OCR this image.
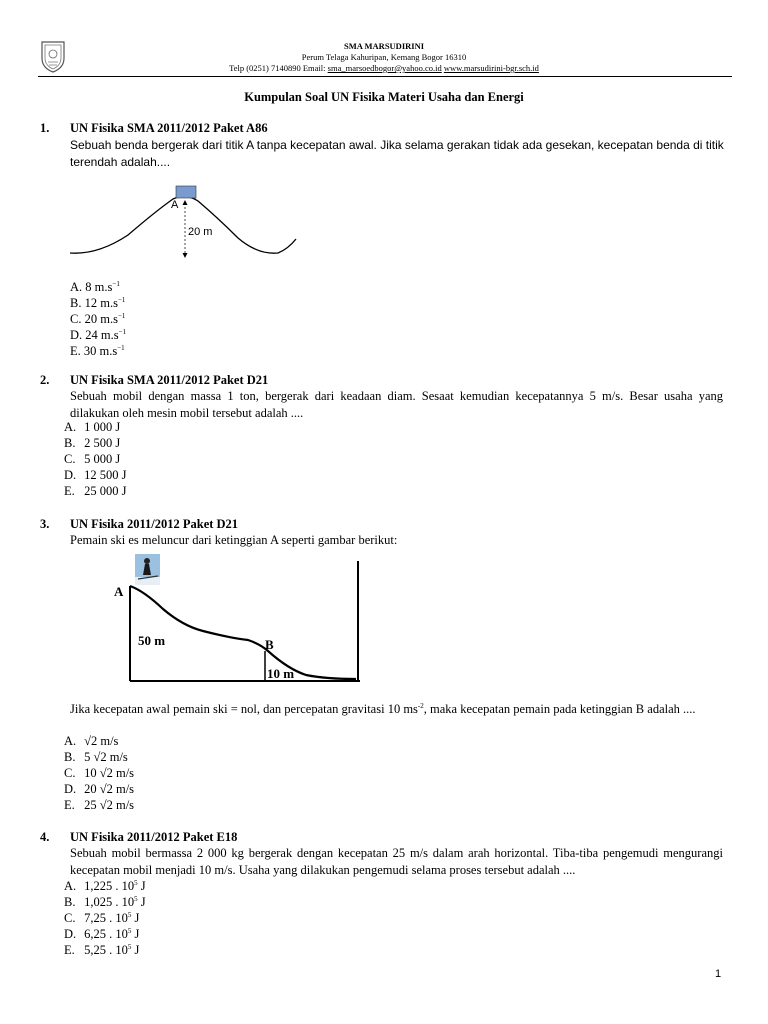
SMA MARSUDIRINI
Perum Telaga Kahuripan, Kemang Bogor 16310
Telp (0251) 7140890 Email: sma_marsoedbogor@yahoo.co.id www.marsudirini-bgr.sch.id
Kumpulan Soal UN Fisika Materi Usaha dan Energi
1. UN Fisika SMA 2011/2012 Paket A86
Sebuah benda bergerak dari titik A tanpa kecepatan awal. Jika selama gerakan tidak ada gesekan, kecepatan benda di titik terendah adalah....
A
20 m
A. 8 $m.s^{-1}$
B. 12 $m.s^{-1}$
C. 20 $m.s^{-1}$
D. 24 $m.s^{-1}$
E. 30 $m.s^{-1}$
2. UN Fisika SMA 2011/2012 Paket D21
Sebuah mobil dengan massa 1 ton, bergerak dari keadaan diam. Sesaat kemudian kecepatannya 5 m/s. Besar usaha yang dilakukan oleh mesin mobil tersebut adalah ....
A. 1 000 J
B. 2 500 J
C. 5 000 J
D. 12 500 J
E. 25 000 J
3. UN Fisika 2011/2012 Paket D21
Pemain ski es meluncur dari ketinggian A seperti gambar berikut:
A
50 m	B
10 m
Jika kecepatan awal pemain ski = nol, dan percepatan gravitasi 10 $ms^{-2}$, maka kecepatan pemain pada ketinggian B adalah ....
A. √2 m/s
B. 5 √2 m/s
C. 10 √2 m/s
D. 20 √2 m/s
E. 25 √2 m/s
4. UN Fisika 2011/2012 Paket E18
Sebuah mobil bermassa 2 000 kg bergerak dengan kecepatan 25 m/s dalam arah horizontal. Tiba-tiba pengemudi mengurangi kecepatan mobil menjadi 10 m/s. Usaha yang dilakukan pengemudi selama proses tersebut adalah ....
A. 1,225 . $10^5$ J
B. 1,025 . $10^5$ J
C. 7,25 . $10^5$ J
D. 6,25 . $10^5$ J
E. 5,25 . $10^5$ J
1
